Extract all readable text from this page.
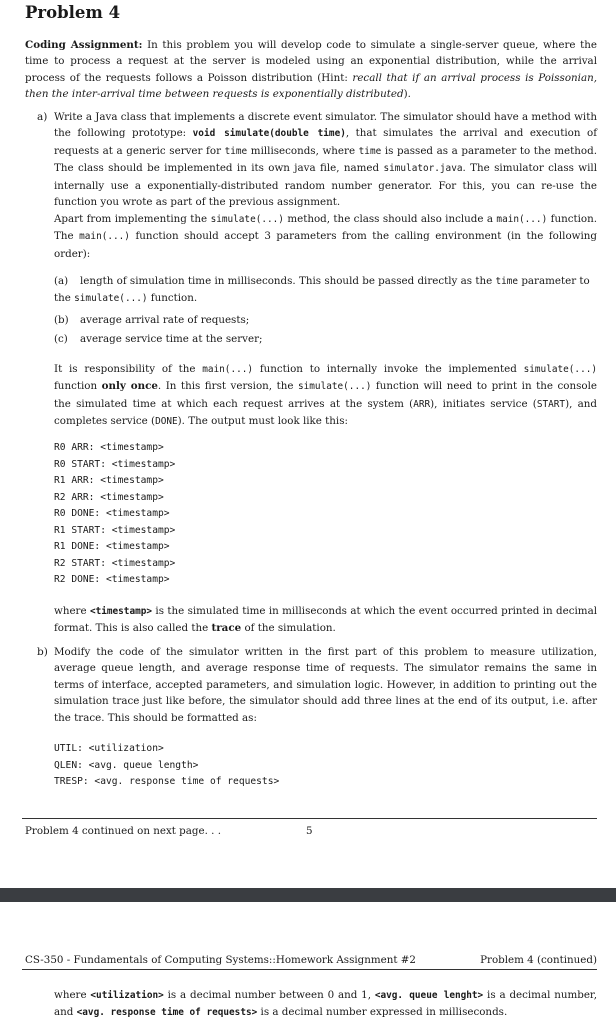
Problem 4
Coding Assignment: In this problem you will develop code to simulate a single-server queue, where the time to process a request at the server is modeled using an exponential distribution, while the arrival process of the requests follows a Poisson distribution (Hint: recall that if an arrival process is Poissonian, then the inter-arrival time between requests is exponentially distributed).
a) Write a Java class that implements a discrete event simulator. The simulator should have a method with the following prototype: void simulate(double time), that simulates the arrival and execution of requests at a generic server for time milliseconds, where time is passed as a parameter to the method. The class should be implemented in its own java file, named simulator.java. The simulator class will internally use a exponentially-distributed random number generator. For this, you can re-use the function you wrote as part of the previous assignment.
Apart from implementing the simulate(...) method, the class should also include a main(...) function. The main(...) function should accept 3 parameters from the calling environment (in the following order):
(a) length of simulation time in milliseconds. This should be passed directly as the time parameter to the simulate(...) function.
(b) average arrival rate of requests;
(c) average service time at the server;
It is responsibility of the main(...) function to internally invoke the implemented simulate(...) function only once. In this first version, the simulate(...) function will need to print in the console the simulated time at which each request arrives at the system (ARR), initiates service (START), and completes service (DONE). The output must look like this:
R0 ARR: <timestamp>
R0 START: <timestamp>
R1 ARR: <timestamp>
R2 ARR: <timestamp>
R0 DONE: <timestamp>
R1 START: <timestamp>
R1 DONE: <timestamp>
R2 START: <timestamp>
R2 DONE: <timestamp>
where <timestamp> is the simulated time in milliseconds at which the event occurred printed in decimal format. This is also called the trace of the simulation.
b) Modify the code of the simulator written in the first part of this problem to measure utilization, average queue length, and average response time of requests. The simulator remains the same in terms of interface, accepted parameters, and simulation logic. However, in addition to printing out the simulation trace just like before, the simulator should add three lines at the end of its output, i.e. after the trace. This should be formatted as:
UTIL: <utilization>
QLEN: <avg. queue length>
TRESP: <avg. response time of requests>
Problem 4 continued on next page. . .	5
CS-350 - Fundamentals of Computing Systems::Homework Assignment #2	Problem 4 (continued)
where <utilization> is a decimal number between 0 and 1, <avg. queue lenght> is a decimal number, and <avg. response time of requests> is a decimal number expressed in milliseconds.
